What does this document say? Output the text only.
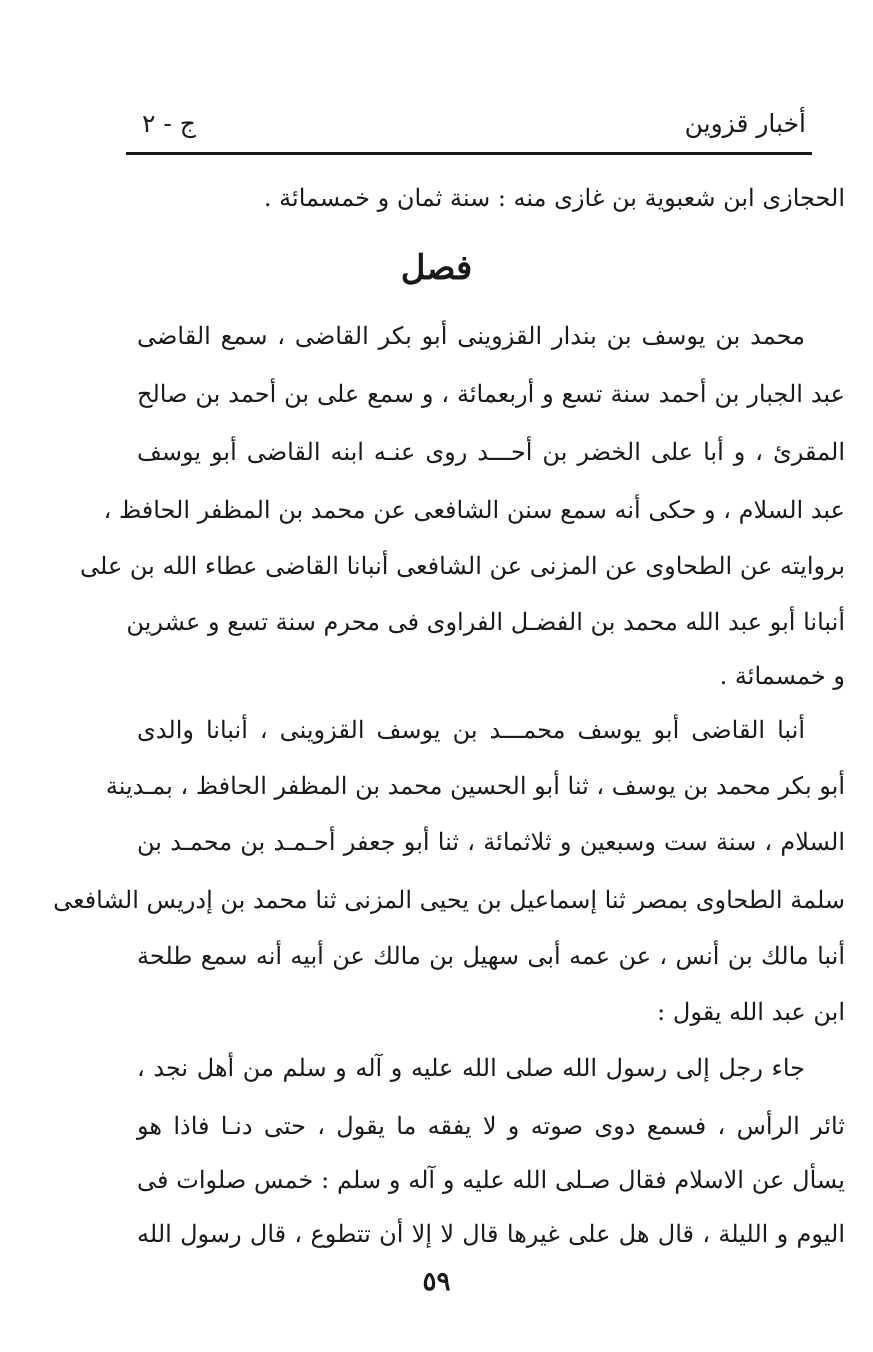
أخبار قزوين
ج - ٢
الحجازى ابن شعبوية بن غازى منه : سنة ثمان و خمسمائة .
فصل
محمد بن يوسف بن بندار القزوينى أبو بكر القاضى ، سمع القاضى
عبد الجبار بن أحمد سنة تسع و أربعمائة ، و سمع على بن أحمد بن صالح
المقرئ ، و أبا على الخضر بن أحـــد روى عنـه ابنه القاضى أبو يوسف
عبد السلام ، و حكى أنه سمع سنن الشافعى عن محمد بن المظفر الحافظ ،
بروايته عن الطحاوى عن المزنى عن الشافعى أنبانا القاضى عطاء الله بن على
أنبانا أبو عبد الله محمد بن الفضـل الفراوى فى محرم سنة تسع و عشرين
و خمسمائة .
أنبا القاضى أبو يوسف محمـــد بن يوسف القزوينى ، أنبانا والدى
أبو بكر محمد بن يوسف ، ثنا أبو الحسين محمد بن المظفر الحافظ ، بمـدينة
السلام ، سنة ست وسبعين و ثلاثمائة ، ثنا أبو جعفر أحـمـد بن محمـد بن
سلمة الطحاوى بمصر ثنا إسماعيل بن يحيى المزنى ثنا محمد بن إدريس الشافعى
أنبا مالك بن أنس ، عن عمه أبى سهيل بن مالك عن أبيه أنه سمع طلحة
ابن عبد الله يقول :
جاء رجل إلى رسول الله صلى الله عليه و آله و سلم من أهل نجد ،
ثائر الرأس ، فسمع دوى صوته و لا يفقه ما يقول ، حتى دنـا فاذا هو
يسأل عن الاسلام فقال صـلى الله عليه و آله و سلم : خمس صلوات فى
اليوم و الليلة ، قال هل على غيرها قال لا إلا أن تتطوع ، قال رسول الله
٥٩
